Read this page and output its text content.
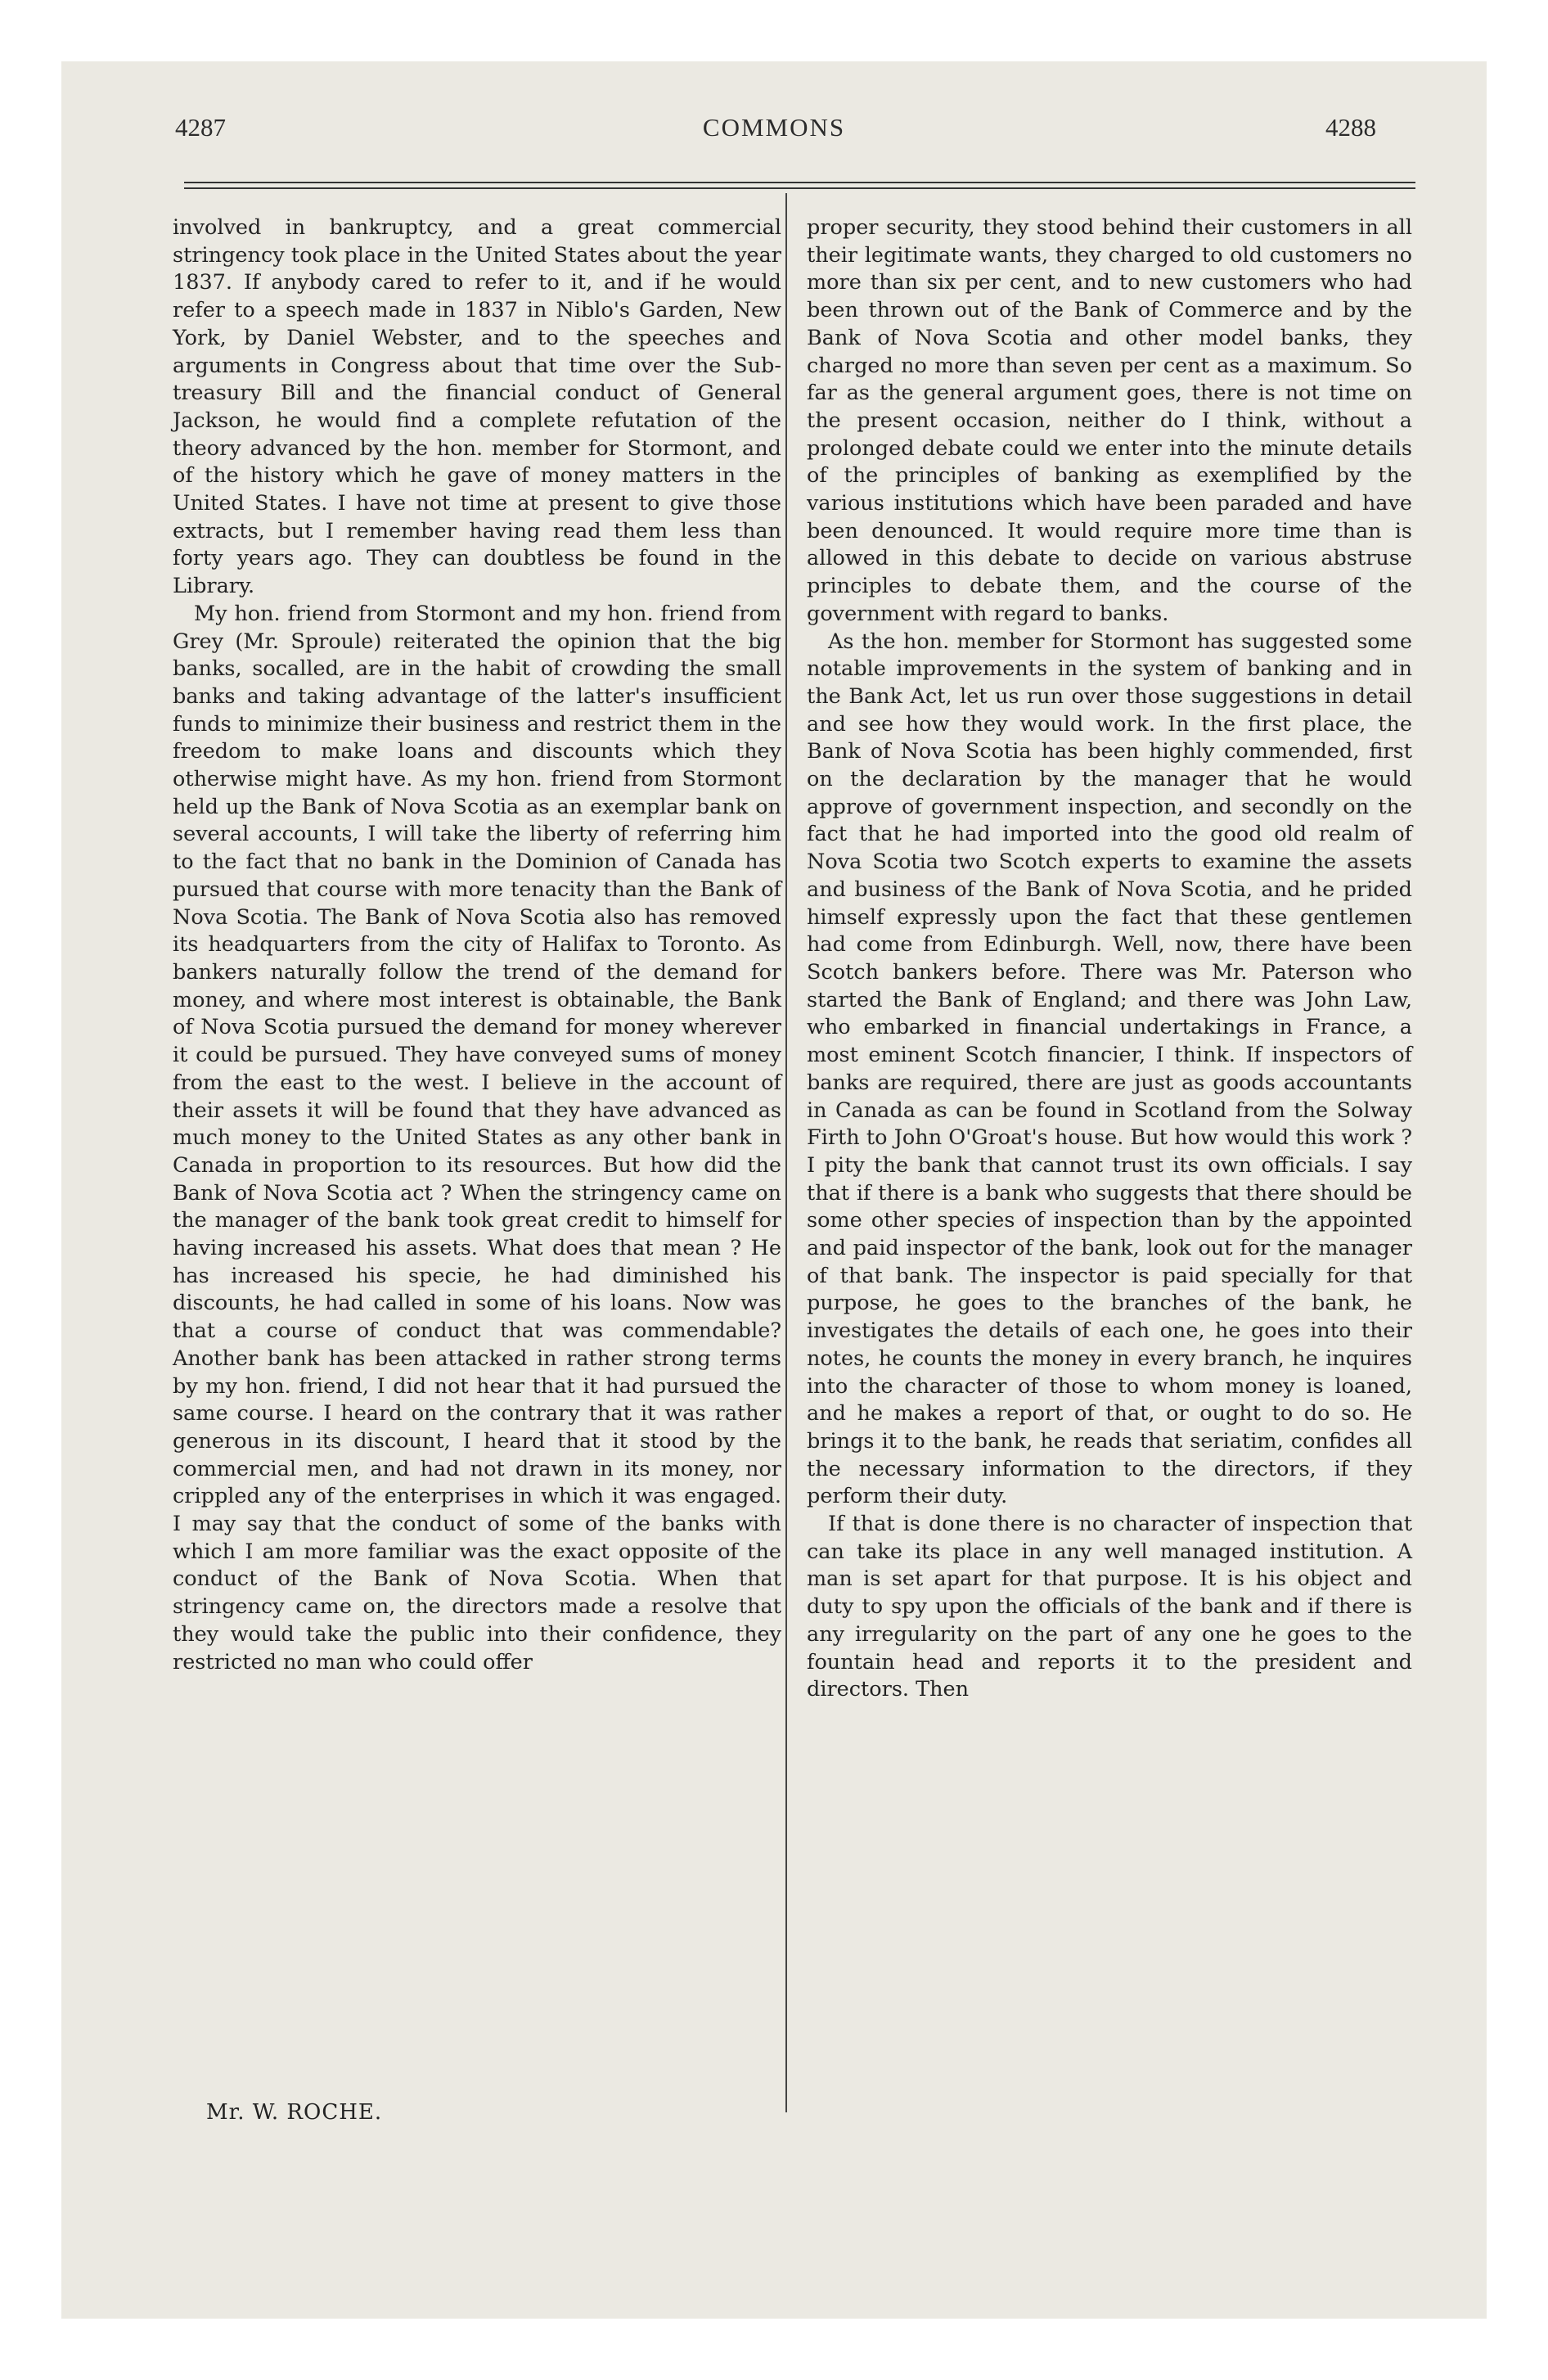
4287	COMMONS	4288

involved in bankruptcy, and a great commercial stringency took place in the United States about the year 1837. If anybody cared to refer to it, and if he would refer to a speech made in 1837 in Niblo's Garden, New York, by Daniel Webster, and to the speeches and arguments in Congress about that time over the Sub-treasury Bill and the financial conduct of General Jackson, he would find a complete refutation of the theory advanced by the hon. member for Stormont, and of the history which he gave of money matters in the United States. I have not time at present to give those extracts, but I remember having read them less than forty years ago. They can doubtless be found in the Library.

My hon. friend from Stormont and my hon. friend from Grey (Mr. Sproule) reiterated the opinion that the big banks, socalled, are in the habit of crowding the small banks and taking advantage of the latter's insufficient funds to minimize their business and restrict them in the freedom to make loans and discounts which they otherwise might have. As my hon. friend from Stormont held up the Bank of Nova Scotia as an exemplar bank on several accounts, I will take the liberty of referring him to the fact that no bank in the Dominion of Canada has pursued that course with more tenacity than the Bank of Nova Scotia. The Bank of Nova Scotia also has removed its headquarters from the city of Halifax to Toronto. As bankers naturally follow the trend of the demand for money, and where most interest is obtainable, the Bank of Nova Scotia pursued the demand for money wherever it could be pursued. They have conveyed sums of money from the east to the west. I believe in the account of their assets it will be found that they have advanced as much money to the United States as any other bank in Canada in proportion to its resources. But how did the Bank of Nova Scotia act ? When the stringency came on the manager of the bank took great credit to himself for having increased his assets. What does that mean ? He has increased his specie, he had diminished his discounts, he had called in some of his loans. Now was that a course of conduct that was commendable? Another bank has been attacked in rather strong terms by my hon. friend, I did not hear that it had pursued the same course. I heard on the contrary that it was rather generous in its discount, I heard that it stood by the commercial men, and had not drawn in its money, nor crippled any of the enterprises in which it was engaged. I may say that the conduct of some of the banks with which I am more familiar was the exact opposite of the conduct of the Bank of Nova Scotia. When that stringency came on, the directors made a resolve that they would take the public into their confidence, they restricted no man who could offer

Mr. W. ROCHE.

proper security, they stood behind their customers in all their legitimate wants, they charged to old customers no more than six per cent, and to new customers who had been thrown out of the Bank of Commerce and by the Bank of Nova Scotia and other model banks, they charged no more than seven per cent as a maximum. So far as the general argument goes, there is not time on the present occasion, neither do I think, without a prolonged debate could we enter into the minute details of the principles of banking as exemplified by the various institutions which have been paraded and have been denounced. It would require more time than is allowed in this debate to decide on various abstruse principles to debate them, and the course of the government with regard to banks.

As the hon. member for Stormont has suggested some notable improvements in the system of banking and in the Bank Act, let us run over those suggestions in detail and see how they would work. In the first place, the Bank of Nova Scotia has been highly commended, first on the declaration by the manager that he would approve of government inspection, and secondly on the fact that he had imported into the good old realm of Nova Scotia two Scotch experts to examine the assets and business of the Bank of Nova Scotia, and he prided himself expressly upon the fact that these gentlemen had come from Edinburgh. Well, now, there have been Scotch bankers before. There was Mr. Paterson who started the Bank of England; and there was John Law, who embarked in financial undertakings in France, a most eminent Scotch financier, I think. If inspectors of banks are required, there are just as goods accountants in Canada as can be found in Scotland from the Solway Firth to John O'Groat's house. But how would this work ? I pity the bank that cannot trust its own officials. I say that if there is a bank who suggests that there should be some other species of inspection than by the appointed and paid inspector of the bank, look out for the manager of that bank. The inspector is paid specially for that purpose, he goes to the branches of the bank, he investigates the details of each one, he goes into their notes, he counts the money in every branch, he inquires into the character of those to whom money is loaned, and he makes a report of that, or ought to do so. He brings it to the bank, he reads that seriatim, confides all the necessary information to the directors, if they perform their duty.

If that is done there is no character of inspection that can take its place in any well managed institution. A man is set apart for that purpose. It is his object and duty to spy upon the officials of the bank and if there is any irregularity on the part of any one he goes to the fountain head and reports it to the president and directors. Then
